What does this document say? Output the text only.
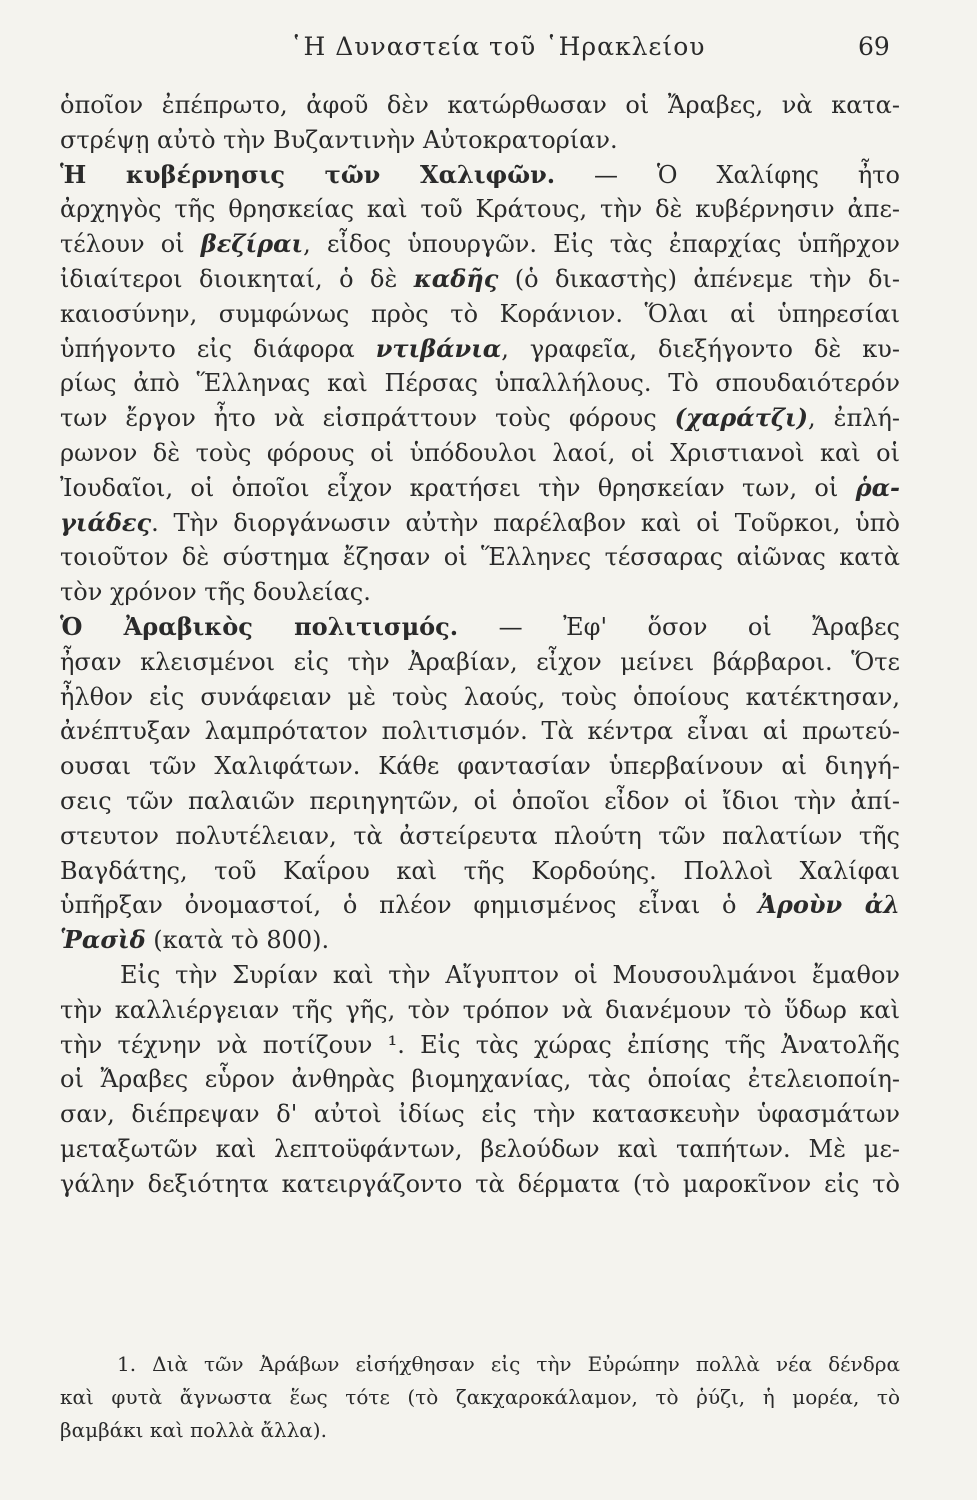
῾Η Δυναστεία τοῦ ῾Ηρακλείου	69
ὁποῖον ἐπέπρωτο, ἀφοῦ δὲν κατώρθωσαν οἱ Ἄραβες, νὰ κατα-
στρέψῃ αὐτὸ τὴν Βυζαντινὴν Αὐτοκρατορίαν.
Ἡ κυβέρνησις τῶν Χαλιφῶν. — Ὁ Χαλίφης ἦτο
ἀρχηγὸς τῆς θρησκείας καὶ τοῦ Κράτους, τὴν δὲ κυβέρνησιν ἀπε-
τέλουν οἱ βεζίραι, εἶδος ὑπουργῶν. Εἰς τὰς ἐπαρχίας ὑπῆρχον
ἰδιαίτεροι διοικηταί, ὁ δὲ καδῆς (ὁ δικαστὴς) ἀπένεμε τὴν δι-
καιοσύνην, συμφώνως πρὸς τὸ Κοράνιον. Ὅλαι αἱ ὑπηρεσίαι
ὑπήγοντο εἰς διάφορα ντιβάνια, γραφεῖα, διεξήγοντο δὲ κυ-
ρίως ἀπὸ Ἕλληνας καὶ Πέρσας ὑπαλλήλους. Τὸ σπουδαιότερόν
των ἔργον ἦτο νὰ εἰσπράττουν τοὺς φόρους (χαράτζι), ἐπλή-
ρωνον δὲ τοὺς φόρους οἱ ὑπόδουλοι λαοί, οἱ Χριστιανοὶ καὶ οἱ
Ἰουδαῖοι, οἱ ὁποῖοι εἶχον κρατήσει τὴν θρησκείαν των, οἱ ῥα-
γιάδες. Τὴν διοργάνωσιν αὐτὴν παρέλαβον καὶ οἱ Τοῦρκοι, ὑπὸ
τοιοῦτον δὲ σύστημα ἔζησαν οἱ Ἕλληνες τέσσαρας αἰῶνας κατὰ
τὸν χρόνον τῆς δουλείας.
Ὁ Ἀραβικὸς πολιτισμός. — Ἐφ' ὅσον οἱ Ἄραβες
ἦσαν κλεισμένοι εἰς τὴν Ἀραβίαν, εἶχον μείνει βάρβαροι. Ὅτε
ἦλθον εἰς συνάφειαν μὲ τοὺς λαούς, τοὺς ὁποίους κατέκτησαν,
ἀνέπτυξαν λαμπρότατον πολιτισμόν. Τὰ κέντρα εἶναι αἱ πρωτεύ-
ουσαι τῶν Χαλιφάτων. Κάθε φαντασίαν ὑπερβαίνουν αἱ διηγή-
σεις τῶν παλαιῶν περιηγητῶν, οἱ ὁποῖοι εἶδον οἱ ἴδιοι τὴν ἀπί-
στευτον πολυτέλειαν, τὰ ἀστείρευτα πλούτη τῶν παλατίων τῆς
Βαγδάτης, τοῦ Καΐρου καὶ τῆς Κορδούης. Πολλοὶ Χαλίφαι
ὑπῆρξαν ὀνομαστοί, ὁ πλέον φημισμένος εἶναι ὁ Ἀροὺν ἀλ
Ῥασὶδ (κατὰ τὸ 800).
Εἰς τὴν Συρίαν καὶ τὴν Αἴγυπτον οἱ Μουσουλμάνοι ἔμαθον
τὴν καλλιέργειαν τῆς γῆς, τὸν τρόπον νὰ διανέμουν τὸ ὕδωρ καὶ
τὴν τέχνην νὰ ποτίζουν ¹. Εἰς τὰς χώρας ἐπίσης τῆς Ἀνατολῆς
οἱ Ἄραβες εὗρον ἀνθηρὰς βιομηχανίας, τὰς ὁποίας ἐτελειοποίη-
σαν, διέπρεψαν δ' αὐτοὶ ἰδίως εἰς τὴν κατασκευὴν ὑφασμάτων
μεταξωτῶν καὶ λεπτοϋφάντων, βελούδων καὶ ταπήτων. Μὲ με-
γάλην δεξιότητα κατειργάζοντο τὰ δέρματα (τὸ μαροκῖνον εἰς τὸ
1. Διὰ τῶν Ἀράβων εἰσήχθησαν εἰς τὴν Εὐρώπην πολλὰ νέα δένδρα
καὶ φυτὰ ἄγνωστα ἕως τότε (τὸ ζακχαροκάλαμον, τὸ ῥύζι, ἡ μορέα, τὸ
βαμβάκι καὶ πολλὰ ἄλλα).
